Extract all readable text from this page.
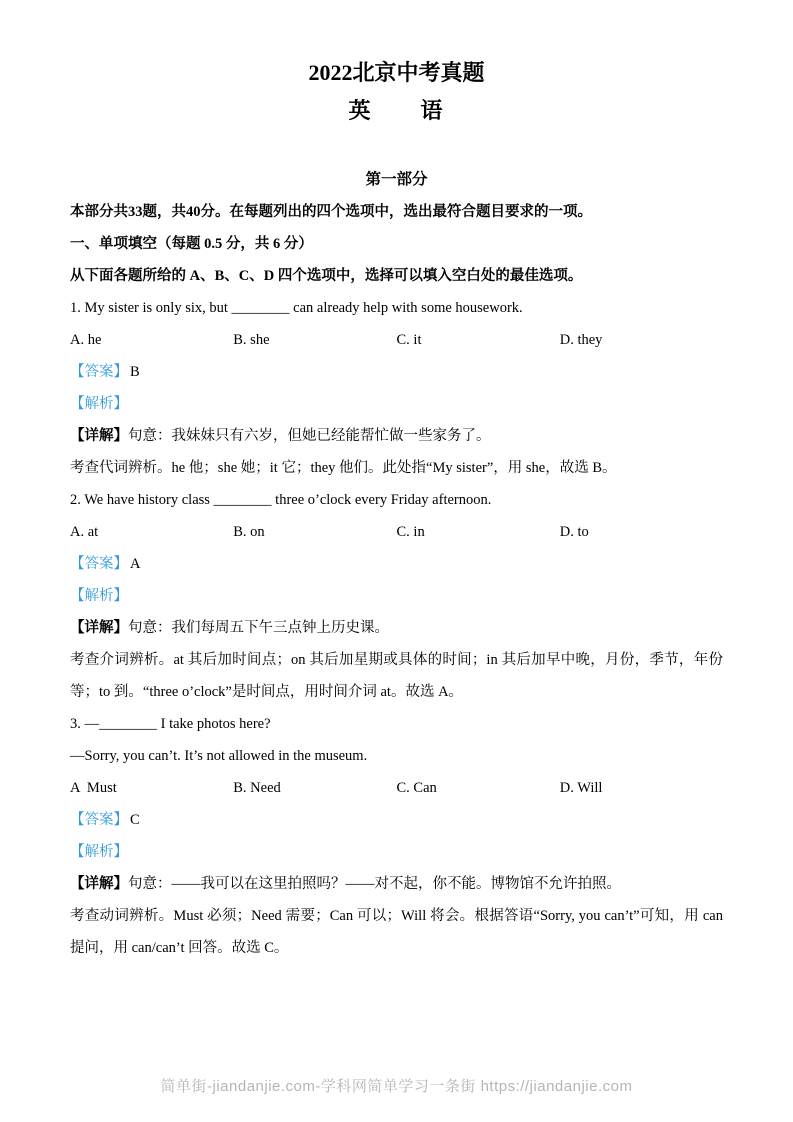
2022北京中考真题
英　　语
第一部分

本部分共33题，共40分。在每题列出的四个选项中，选出最符合题目要求的一项。

一、单项填空（每题 0.5 分，共 6 分）

从下面各题所给的 A、B、C、D 四个选项中，选择可以填入空白处的最佳选项。

1. My sister is only six, but ________ can already help with some housework.

A. he	B. she	C. it	D. they

【答案】 B

【解析】

【详解】句意：我妹妹只有六岁，但她已经能帮忙做一些家务了。

考查代词辨析。he 他；she 她；it 它；they 他们。此处指“My sister”，用 she，故选 B。

2. We have history class ________ three o’clock every Friday afternoon.

A. at	B. on	C. in	D. to

【答案】 A

【解析】

【详解】句意：我们每周五下午三点钟上历史课。

考查介词辨析。at 其后加时间点；on 其后加星期或具体的时间；in 其后加早中晚，月份，季节，年份等；to 到。“three o’clock”是时间点，用时间介词 at。故选 A。

3. —________ I take photos here?

—Sorry, you can’t. It’s not allowed in the museum.

A  Must	B. Need	C. Can	D. Will

【答案】 C

【解析】

【详解】句意：——我可以在这里拍照吗？——对不起，你不能。博物馆不允许拍照。

考查动词辨析。Must 必须；Need 需要；Can 可以；Will 将会。根据答语“Sorry, you can’t”可知，用 can 提问，用 can/can’t 回答。故选 C。

简单街-jiandanjie.com-学科网简单学习一条街 https://jiandanjie.com
